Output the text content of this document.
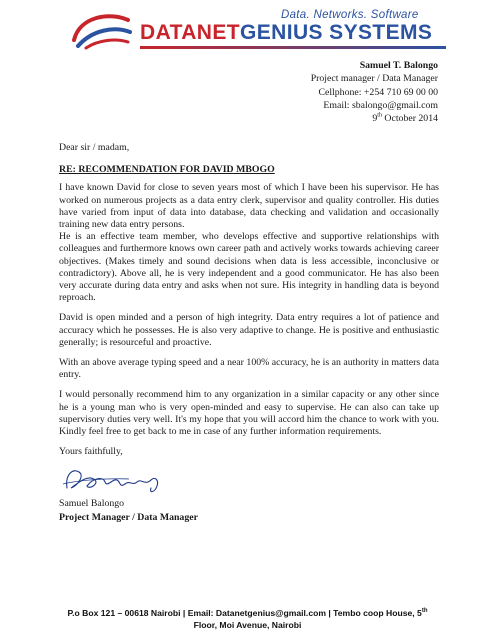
Data. Networks. Software
DATANETGENIUS SYSTEMS
Samuel T. Balongo
Project manager / Data Manager
Cellphone: +254 710 69 00 00
Email: sbalongo@gmail.com
9th October 2014

Dear sir / madam,

RE: RECOMMENDATION FOR DAVID MBOGO

I have known David for close to seven years most of which I have been his supervisor. He has worked on numerous projects as a data entry clerk, supervisor and quality controller. His duties have varied from input of data into database, data checking and validation and occasionally training new data entry persons.

He is an effective team member, who develops effective and supportive relationships with colleagues and furthermore knows own career path and actively works towards achieving career objectives. (Makes timely and sound decisions when data is less accessible, inconclusive or contradictory). Above all, he is very independent and a good communicator. He has also been very accurate during data entry and asks when not sure. His integrity in handling data is beyond reproach.

David is open minded and a person of high integrity. Data entry requires a lot of patience and accuracy which he possesses. He is also very adaptive to change. He is positive and enthusiastic generally; is resourceful and proactive.

With an above average typing speed and a near 100% accuracy, he is an authority in matters data entry.

I would personally recommend him to any organization in a similar capacity or any other since he is a young man who is very open-minded and easy to supervise. He can also can take up supervisory duties very well. It's my hope that you will accord him the chance to work with you. Kindly feel free to get back to me in case of any further information requirements.

Yours faithfully,

Samuel Balongo
Project Manager / Data Manager
P.o Box 121 – 00618 Nairobi | Email: Datanetgenius@gmail.com | Tembo coop House, 5th
Floor, Moi Avenue, Nairobi
